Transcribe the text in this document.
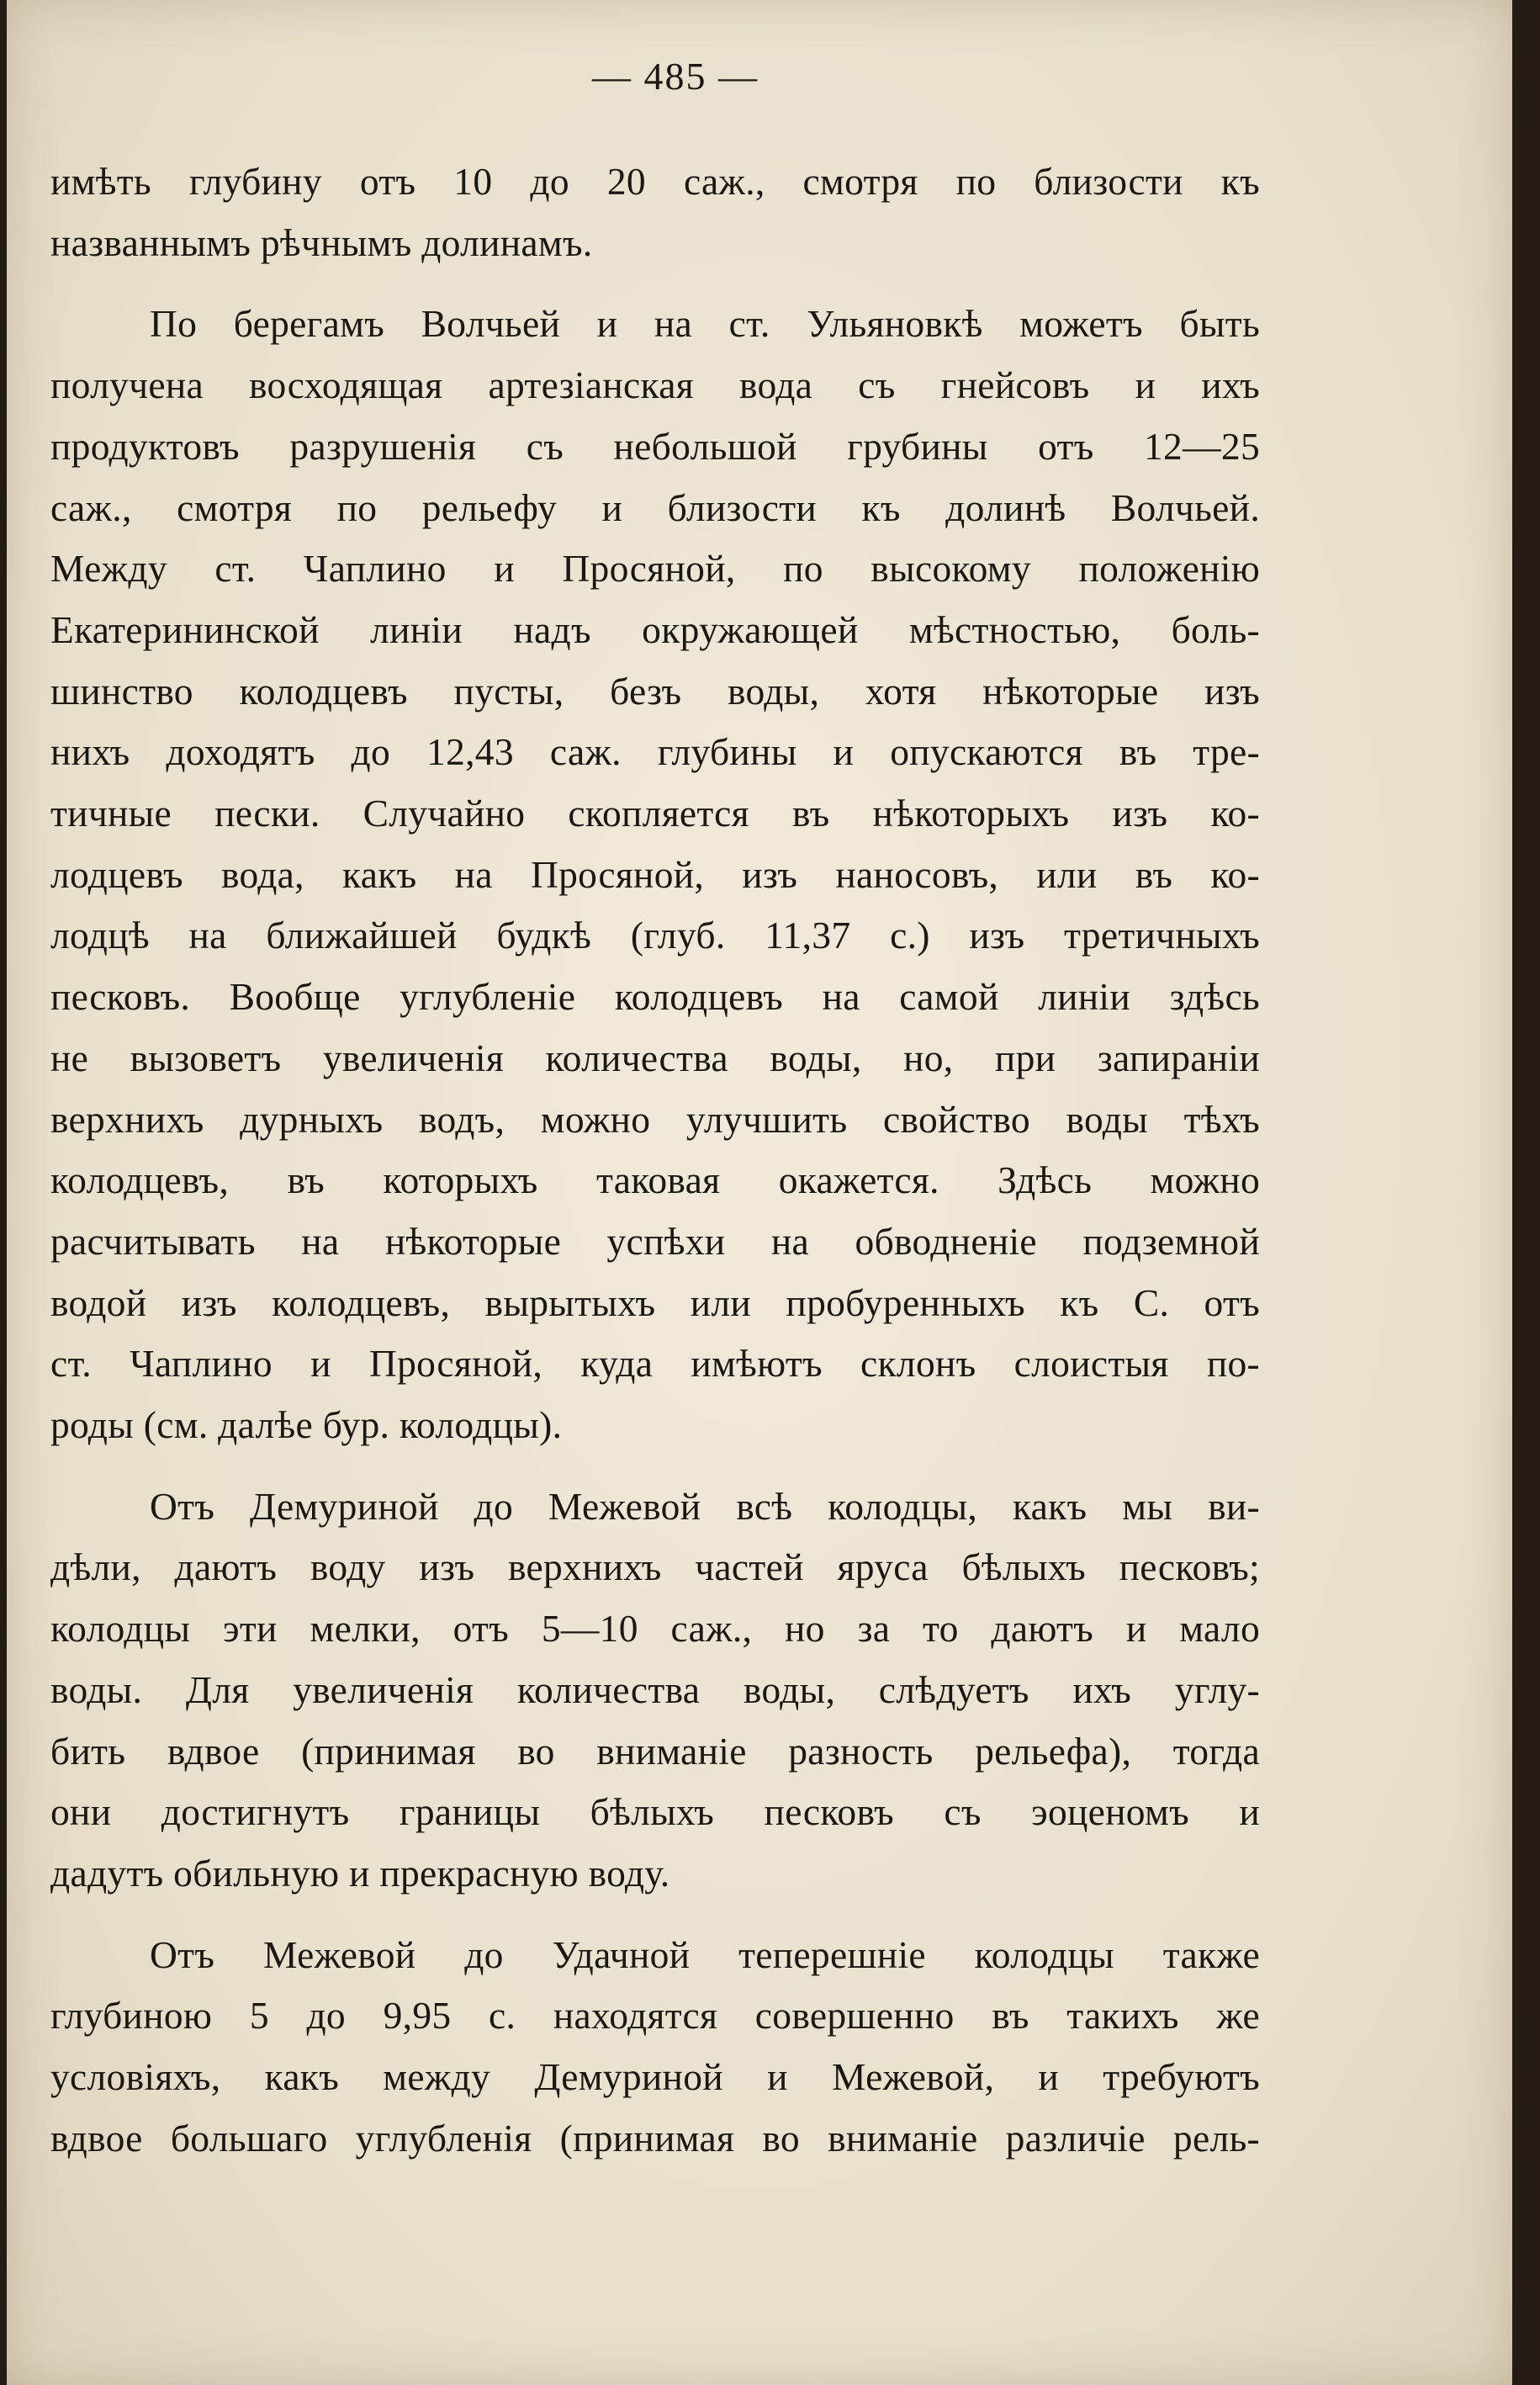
— 485 —

имѣть глубину отъ 10 до 20 саж., смотря по близости къ
названнымъ рѣчнымъ долинамъ.

По берегамъ Волчьей и на ст. Ульяновкѣ можетъ быть
получена восходящая артезіанская вода съ гнейсовъ и ихъ
продуктовъ разрушенія съ небольшой грубины отъ 12—25
саж., смотря по рельефу и близости къ долинѣ Волчьей.
Между ст. Чаплино и Просяной, по высокому положенію
Екатерининской линіи надъ окружающей мѣстностью, боль-
шинство колодцевъ пусты, безъ воды, хотя нѣкоторые изъ
нихъ доходятъ до 12,43 саж. глубины и опускаются въ тре-
тичные пески. Случайно скопляется въ нѣкоторыхъ изъ ко-
лодцевъ вода, какъ на Просяной, изъ наносовъ, или въ ко-
лодцѣ на ближайшей будкѣ (глуб. 11,37 с.) изъ третичныхъ
песковъ. Вообще углубленіе колодцевъ на самой линіи здѣсь
не вызоветъ увеличенія количества воды, но, при запираніи
верхнихъ дурныхъ водъ, можно улучшить свойство воды тѣхъ
колодцевъ, въ которыхъ таковая окажется. Здѣсь можно
расчитывать на нѣкоторые успѣхи на обводненіе подземной
водой изъ колодцевъ, вырытыхъ или пробуренныхъ къ С. отъ
ст. Чаплино и Просяной, куда имѣютъ склонъ слоистыя по-
роды (см. далѣе бур. колодцы).

Отъ Демуриной до Межевой всѣ колодцы, какъ мы ви-
дѣли, даютъ воду изъ верхнихъ частей яруса бѣлыхъ песковъ;
колодцы эти мелки, отъ 5—10 саж., но за то даютъ и мало
воды. Для увеличенія количества воды, слѣдуетъ ихъ углу-
бить вдвое (принимая во вниманіе разность рельефа), тогда
они достигнутъ границы бѣлыхъ песковъ съ эоценомъ и
дадутъ обильную и прекрасную воду.

Отъ Межевой до Удачной теперешніе колодцы также
глубиною 5 до 9,95 с. находятся совершенно въ такихъ же
условіяхъ, какъ между Демуриной и Межевой, и требуютъ
вдвое большаго углубленія (принимая во вниманіе различіе рель-
